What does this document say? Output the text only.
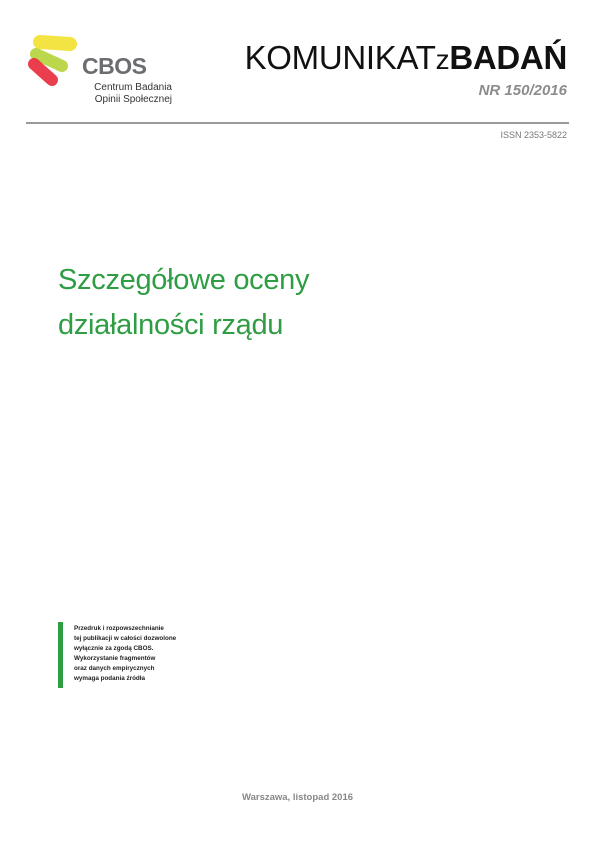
CBOS
Centrum Badania
Opinii Społecznej
KOMUNIKATzBADAŃ
NR 150/2016
ISSN 2353-5822
Szczegółowe oceny
działalności rządu
Przedruk i rozpowszechnianie
tej publikacji w całości dozwolone
wyłącznie za zgodą CBOS.
Wykorzystanie fragmentów
oraz danych empirycznych
wymaga podania źródła
Warszawa, listopad 2016
